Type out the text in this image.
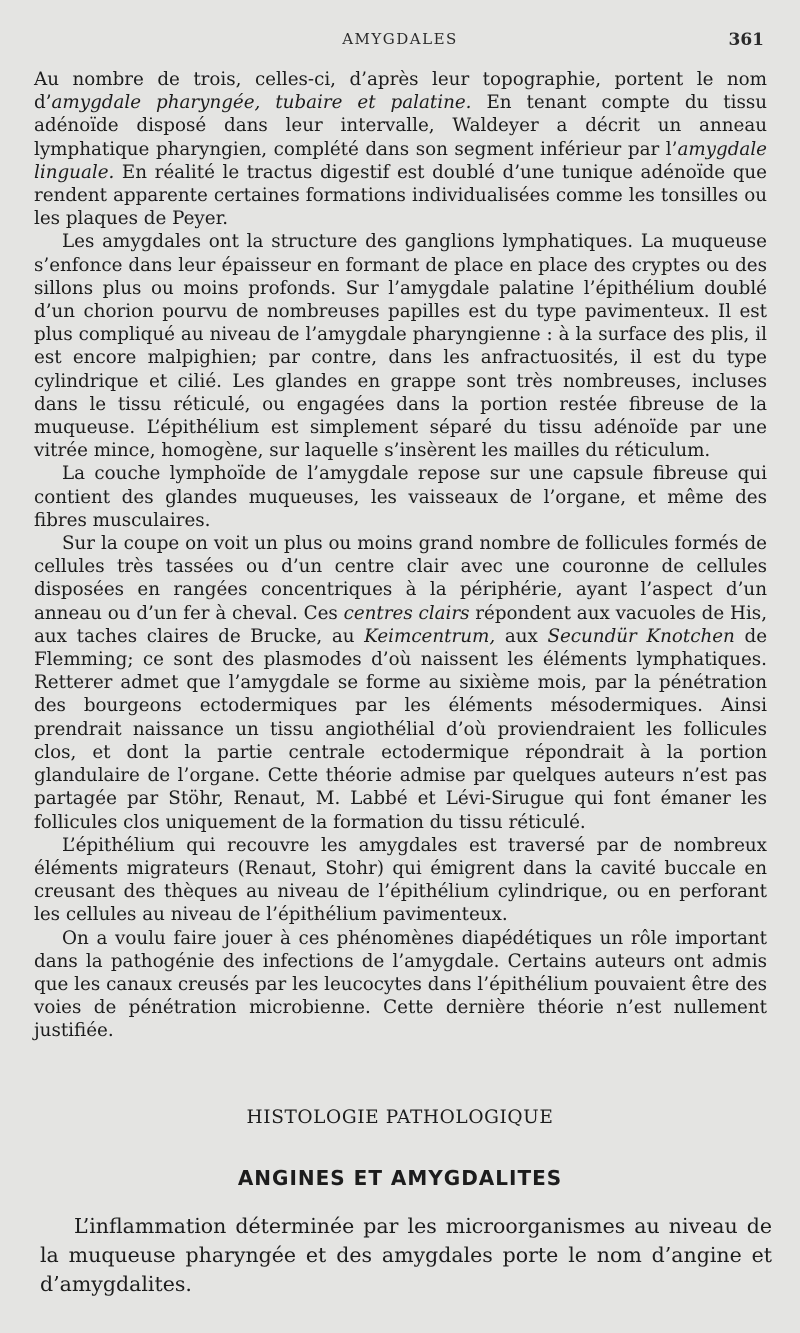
AMYGDALES	361

Au nombre de trois, celles-ci, d’après leur topographie, portent le nom d’amygdale pharyngée, tubaire et palatine. En tenant compte du tissu adénoïde disposé dans leur intervalle, Waldeyer a décrit un anneau lymphatique pharyngien, complété dans son segment inférieur par l’amygdale linguale. En réalité le tractus digestif est doublé d’une tunique adénoïde que rendent apparente certaines formations individualisées comme les tonsilles ou les plaques de Peyer.

Les amygdales ont la structure des ganglions lymphatiques. La muqueuse s’enfonce dans leur épaisseur en formant de place en place des cryptes ou des sillons plus ou moins profonds. Sur l’amygdale palatine l’épithélium doublé d’un chorion pourvu de nombreuses papilles est du type pavimenteux. Il est plus compliqué au niveau de l’amygdale pharyngienne : à la surface des plis, il est encore malpighien; par contre, dans les anfractuosités, il est du type cylindrique et cilié. Les glandes en grappe sont très nombreuses, incluses dans le tissu réticulé, ou engagées dans la portion restée fibreuse de la muqueuse. L’épithélium est simplement séparé du tissu adénoïde par une vitrée mince, homogène, sur laquelle s’insèrent les mailles du réticulum.

La couche lymphoïde de l’amygdale repose sur une capsule fibreuse qui contient des glandes muqueuses, les vaisseaux de l’organe, et même des fibres musculaires.

Sur la coupe on voit un plus ou moins grand nombre de follicules formés de cellules très tassées ou d’un centre clair avec une couronne de cellules disposées en rangées concentriques à la périphérie, ayant l’aspect d’un anneau ou d’un fer à cheval. Ces centres clairs répondent aux vacuoles de His, aux taches claires de Brucke, au Keimcentrum, aux Secundür Knotchen de Flemming; ce sont des plasmodes d’où naissent les éléments lymphatiques. Retterer admet que l’amygdale se forme au sixième mois, par la pénétration des bourgeons ectodermiques par les éléments mésodermiques. Ainsi prendrait naissance un tissu angiothélial d’où proviendraient les follicules clos, et dont la partie centrale ectodermique répondrait à la portion glandulaire de l’organe. Cette théorie admise par quelques auteurs n’est pas partagée par Stöhr, Renaut, M. Labbé et Lévi-Sirugue qui font émaner les follicules clos uniquement de la formation du tissu réticulé.

L’épithélium qui recouvre les amygdales est traversé par de nombreux éléments migrateurs (Renaut, Stohr) qui émigrent dans la cavité buccale en creusant des thèques au niveau de l’épithélium cylindrique, ou en perforant les cellules au niveau de l’épithélium pavimenteux.

On a voulu faire jouer à ces phénomènes diapédétiques un rôle important dans la pathogénie des infections de l’amygdale. Certains auteurs ont admis que les canaux creusés par les leucocytes dans l’épithélium pouvaient être des voies de pénétration microbienne. Cette dernière théorie n’est nullement justifiée.

HISTOLOGIE PATHOLOGIQUE
ANGINES ET AMYGDALITES

L’inflammation déterminée par les microorganismes au niveau de la muqueuse pharyngée et des amygdales porte le nom d’angine et d’amygdalites.
